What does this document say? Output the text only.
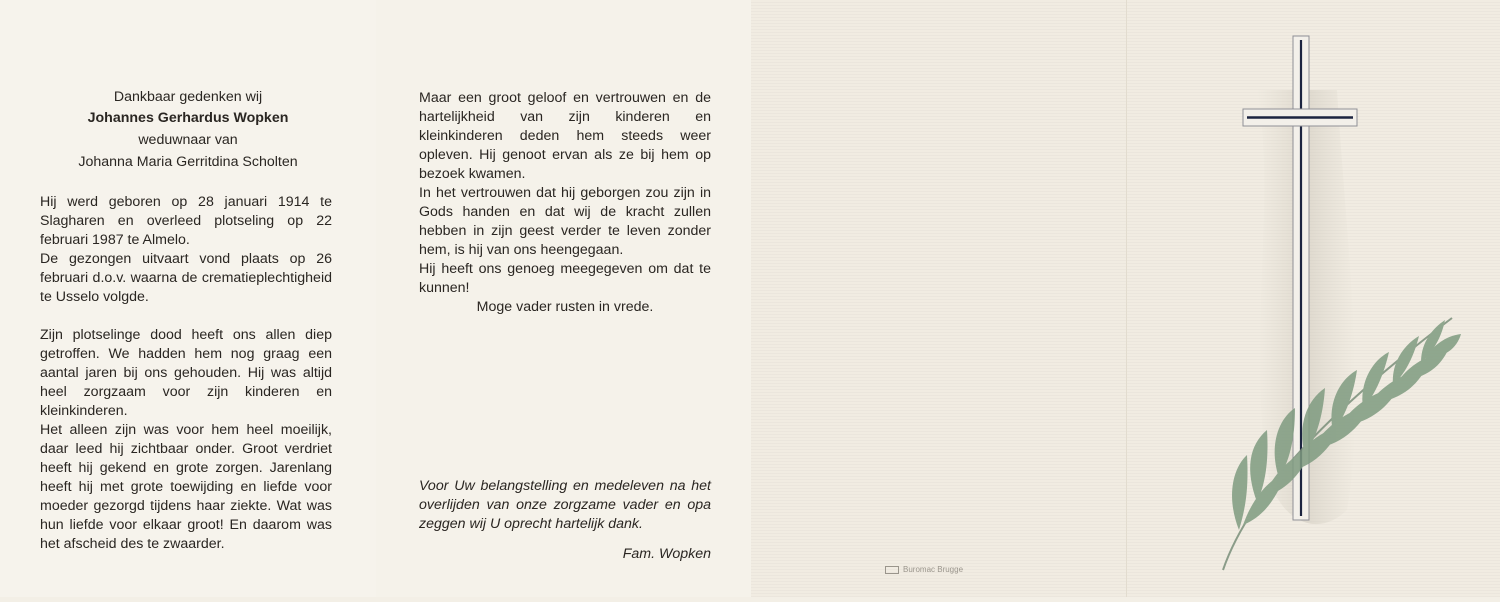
Dankbaar gedenken wij
Johannes Gerhardus Wopken
weduwnaar van
Johanna Maria Gerritdina Scholten

Hij werd geboren op 28 januari 1914 te Slagharen en overleed plotseling op 22 februari 1987 te Almelo.

De gezongen uitvaart vond plaats op 26 februari d.o.v. waarna de crematieplechtigheid te Usselo volgde.

Zijn plotselinge dood heeft ons allen diep getroffen. We hadden hem nog graag een aantal jaren bij ons gehouden. Hij was altijd heel zorgzaam voor zijn kinderen en kleinkinderen.

Het alleen zijn was voor hem heel moeilijk, daar leed hij zichtbaar onder. Groot verdriet heeft hij gekend en grote zorgen. Jarenlang heeft hij met grote toewijding en liefde voor moeder gezorgd tijdens haar ziekte. Wat was hun liefde voor elkaar groot! En daarom was het afscheid des te zwaarder.

Maar een groot geloof en vertrouwen en de hartelijkheid van zijn kinderen en kleinkinderen deden hem steeds weer opleven. Hij genoot ervan als ze bij hem op bezoek kwamen.

In het vertrouwen dat hij geborgen zou zijn in Gods handen en dat wij de kracht zullen hebben in zijn geest verder te leven zonder hem, is hij van ons heengegaan.

Hij heeft ons genoeg meegegeven om dat te kunnen!

Moge vader rusten in vrede.

Voor Uw belangstelling en medeleven na het overlijden van onze zorgzame vader en opa zeggen wij U oprecht hartelijk dank.
Fam. Wopken
Buromac Brugge
